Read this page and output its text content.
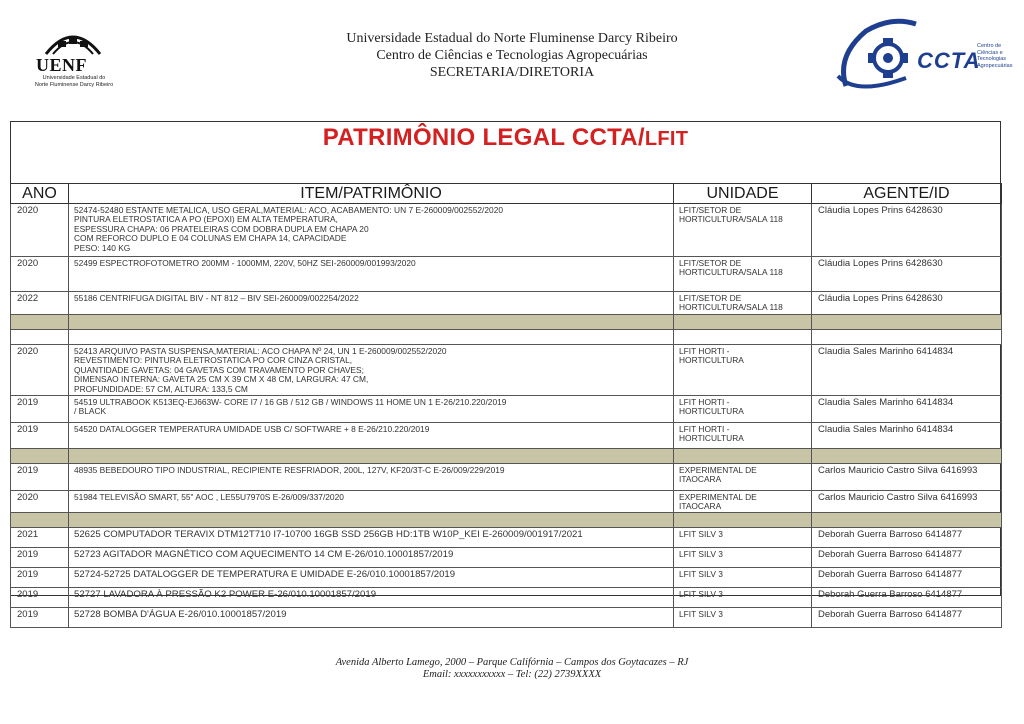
UENF
Universidade Estadual do
Norte Fluminense Darcy Ribeiro
Universidade Estadual do Norte Fluminense Darcy Ribeiro
Centro de Ciências e Tecnologias Agropecuárias
SECRETARIA/DIRETORIA	CCTA
Centro de
Ciências e
Tecnologias
Agropecuárias
PATRIMÔNIO LEGAL CCTA/LFIT
ANO	ITEM/PATRIMÔNIO	UNIDADE	AGENTE/ID
2020	52474-52480 ESTANTE METALICA, USO GERAL,MATERIAL: ACO, ACABAMENTO: UN 7 E-260009/002552/2020
PINTURA ELETROSTATICA A PO (EPOXI) EM ALTA TEMPERATURA,
ESPESSURA CHAPA: 06 PRATELEIRAS COM DOBRA DUPLA EM CHAPA 20
COM REFORCO DUPLO E 04 COLUNAS EM CHAPA 14, CAPACIDADE
PESO: 140 KG	LFIT/SETOR DE
HORTICULTURA/SALA 118	Cláudia Lopes Prins 6428630
2020	52499 ESPECTROFOTOMETRO 200MM - 1000MM, 220V, 50HZ SEI-260009/001993/2020	LFIT/SETOR DE
HORTICULTURA/SALA 118	Cláudia Lopes Prins 6428630
2022	55186 CENTRIFUGA DIGITAL BIV - NT 812 – BIV SEI-260009/002254/2022	LFIT/SETOR DE
HORTICULTURA/SALA 118	Cláudia Lopes Prins 6428630

2020	52413 ARQUIVO PASTA SUSPENSA,MATERIAL: ACO CHAPA Nº 24, UN 1 E-260009/002552/2020
REVESTIMENTO: PINTURA ELETROSTATICA PO COR CINZA CRISTAL,
QUANTIDADE GAVETAS: 04 GAVETAS COM TRAVAMENTO POR CHAVES;
DIMENSAO INTERNA: GAVETA 25 CM X 39 CM X 48 CM, LARGURA: 47 CM,
PROFUNDIDADE: 57 CM, ALTURA: 133,5 CM	LFIT HORTI -
HORTICULTURA	Claudia Sales Marinho 6414834
2019	54519 ULTRABOOK K513EQ-EJ663W- CORE I7 / 16 GB / 512 GB / WINDOWS 11 HOME UN 1 E-26/210.220/2019
/ BLACK	LFIT HORTI -
HORTICULTURA	Claudia Sales Marinho 6414834
2019	54520 DATALOGGER TEMPERATURA UMIDADE USB C/ SOFTWARE + 8 E-26/210.220/2019	LFIT HORTI -
HORTICULTURA	Claudia Sales Marinho 6414834

2019	48935 BEBEDOURO TIPO INDUSTRIAL, RECIPIENTE RESFRIADOR, 200L, 127V, KF20/3T-C E-26/009/229/2019	EXPERIMENTAL DE
ITAOCARA	Carlos Mauricio Castro Silva 6416993
2020	51984 TELEVISÃO SMART, 55" AOC , LE55U7970S E-26/009/337/2020	EXPERIMENTAL DE
ITAOCARA	Carlos Mauricio Castro Silva 6416993

2021	52625 COMPUTADOR TERAVIX DTM12T710 I7-10700 16GB SSD 256GB HD:1TB W10P_KEI E-260009/001917/2021	LFIT SILV 3	Deborah Guerra Barroso 6414877
2019	52723 AGITADOR MAGNÉTICO COM AQUECIMENTO 14 CM E-26/010.10001857/2019	LFIT SILV 3	Deborah Guerra Barroso 6414877
2019	52724-52725 DATALOGGER DE TEMPERATURA E UMIDADE E-26/010.10001857/2019	LFIT SILV 3	Deborah Guerra Barroso 6414877
2019	52727 LAVADORA À PRESSÃO K2 POWER E-26/010.10001857/2019	LFIT SILV 3	Deborah Guerra Barroso 6414877
2019	52728 BOMBA D'ÁGUA E-26/010.10001857/2019	LFIT SILV 3	Deborah Guerra Barroso 6414877
Avenida Alberto Lamego, 2000 – Parque Califórnia – Campos dos Goytacazes – RJ
Email: xxxxxxxxxxx – Tel: (22) 2739XXXX
